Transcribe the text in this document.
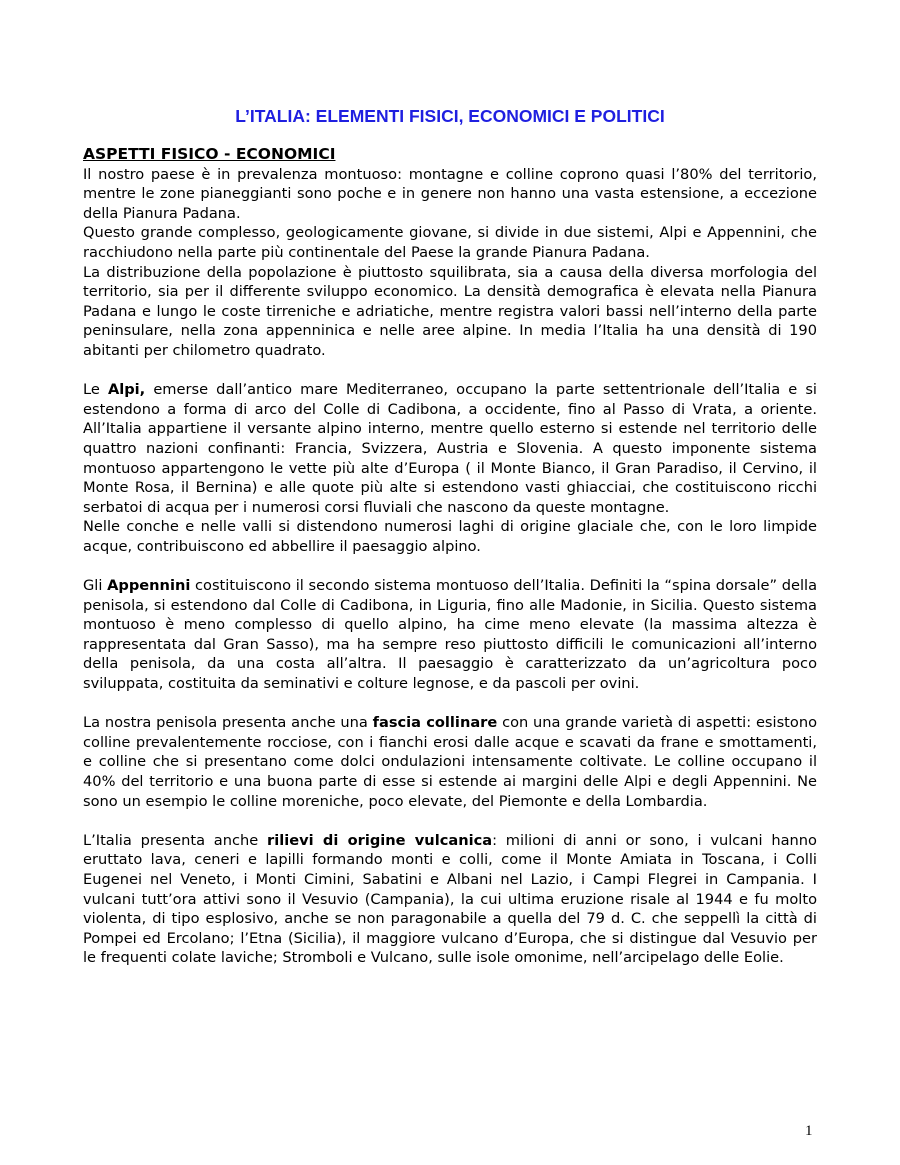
L’ITALIA: ELEMENTI FISICI, ECONOMICI E POLITICI
ASPETTI FISICO - ECONOMICI

Il nostro paese è in prevalenza montuoso: montagne e colline coprono quasi l’80% del territorio, mentre le zone pianeggianti sono poche e in genere non hanno una vasta estensione, a eccezione della Pianura Padana.

Questo grande complesso, geologicamente giovane, si divide in due sistemi, Alpi e Appennini, che racchiudono nella parte più continentale del Paese la grande Pianura Padana.

La distribuzione della popolazione è piuttosto squilibrata, sia a causa della diversa morfologia del territorio, sia per il differente sviluppo economico. La densità demografica è elevata nella Pianura Padana e lungo le coste tirreniche e adriatiche, mentre registra valori bassi nell’interno della parte peninsulare, nella zona appenninica e nelle aree alpine. In media l’Italia ha una densità di 190 abitanti per chilometro quadrato.

Le Alpi, emerse dall’antico mare Mediterraneo, occupano la parte settentrionale dell’Italia e si estendono a forma di arco del Colle di Cadibona, a occidente, fino al Passo di Vrata, a oriente. All’Italia appartiene il versante alpino interno, mentre quello esterno si estende nel territorio delle quattro nazioni confinanti: Francia, Svizzera, Austria e Slovenia. A questo imponente sistema montuoso appartengono le vette più alte d’Europa ( il Monte Bianco, il Gran Paradiso, il Cervino, il Monte Rosa, il Bernina) e alle quote più alte si estendono vasti ghiacciai, che costituiscono ricchi serbatoi di acqua per i numerosi corsi fluviali che nascono da queste montagne.

Nelle conche e nelle valli si distendono numerosi laghi di origine glaciale che, con le loro limpide acque, contribuiscono ed abbellire il paesaggio alpino.

Gli Appennini costituiscono il secondo sistema montuoso dell’Italia. Definiti la “spina dorsale” della penisola, si estendono dal Colle di Cadibona, in Liguria, fino alle Madonie, in Sicilia. Questo sistema montuoso è meno complesso di quello alpino, ha cime meno elevate (la massima altezza è rappresentata dal Gran Sasso), ma ha sempre reso piuttosto difficili le comunicazioni all’interno della penisola, da una costa all’altra. Il paesaggio è caratterizzato da un’agricoltura poco sviluppata, costituita da seminativi e colture legnose, e da pascoli per ovini.

La nostra penisola presenta anche una fascia collinare con una grande varietà di aspetti: esistono colline prevalentemente rocciose, con i fianchi erosi dalle acque e scavati da frane e smottamenti, e colline che si presentano come dolci ondulazioni intensamente coltivate. Le colline occupano il 40% del territorio e una buona parte di esse si estende ai margini delle Alpi e degli Appennini. Ne sono un esempio le colline moreniche, poco elevate, del Piemonte e della Lombardia.

L’Italia presenta anche rilievi di origine vulcanica: milioni di anni or sono, i vulcani hanno eruttato lava, ceneri e lapilli formando monti e colli, come il Monte Amiata in Toscana, i Colli Eugenei nel Veneto, i Monti Cimini, Sabatini e Albani nel Lazio, i Campi Flegrei in Campania. I vulcani tutt’ora attivi sono il Vesuvio (Campania), la cui ultima eruzione risale al 1944 e fu molto violenta, di tipo esplosivo, anche se non paragonabile a quella del 79 d. C. che seppellì la città di Pompei ed Ercolano; l’Etna (Sicilia), il maggiore vulcano d’Europa, che si distingue dal Vesuvio per le frequenti colate laviche; Stromboli e Vulcano, sulle isole omonime, nell’arcipelago delle Eolie.

1
